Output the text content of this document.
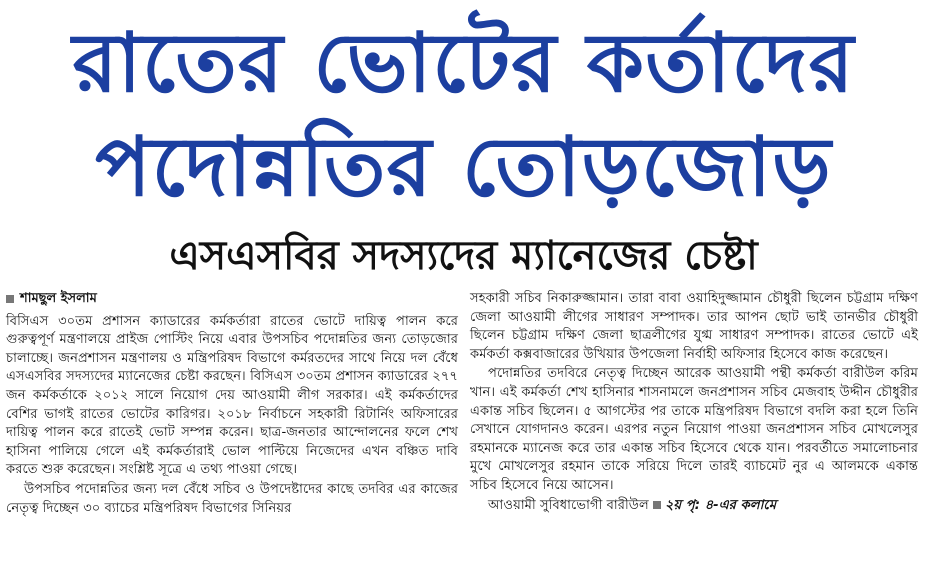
রাতের ভোটের কর্তাদের
পদোন্নতির তোড়জোড়
এসএসবির সদস্যদের ম্যানেজের চেষ্টা
শামছুল ইসলাম

বিসিএস ৩০তম প্রশাসন ক্যাডারের কর্মকর্তারা রাতের ভোটে দায়িত্ব পালন করে গুরুত্বপূর্ণ মন্ত্রণালয়ে প্রাইজ পোস্টিং নিয়ে এবার উপসচিব পদোন্নতির জন্য তোড়জোর চালাচ্ছে। জনপ্রশাসন মন্ত্রণালয় ও মন্ত্রিপরিষদ বিভাগে কর্মরতদের সাথে নিয়ে দল বেঁধে এসএসবির সদস্যদের ম্যানেজের চেষ্টা করছেন। বিসিএস ৩০তম প্রশাসন ক্যাডারের ২৭৭ জন কর্মকর্তাকে ২০১২ সালে নিয়োগ দেয় আওয়ামী লীগ সরকার। এই কর্মকর্তাদের বেশির ভাগই রাতের ভোটের কারিগর। ২০১৮ নির্বাচনে সহকারী রিটার্নিং অফিসারের দায়িত্ব পালন করে রাতেই ভোট সম্পন্ন করেন। ছাত্র-জনতার আন্দোলনের ফলে শেখ হাসিনা পালিয়ে গেলে এই কর্মকর্তারাই ভোল পাল্টিয়ে নিজেদের এখন বঞ্চিত দাবি করতে শুরু করেছেন। সংশ্লিষ্ট সূত্রে এ তথ্য পাওয়া গেছে।

উপসচিব পদোন্নতির জন্য দল বেঁধে সচিব ও উপদেষ্টাদের কাছে তদবির এর কাজের নেতৃত্ব দিচ্ছেন ৩০ ব্যাচের মন্ত্রিপরিষদ বিভাগের সিনিয়র

সহকারী সচিব নিকারুজ্জামান। তারা বাবা ওয়াহিদুজ্জামান চৌধুরী ছিলেন চট্টগ্রাম দক্ষিণ জেলা আওয়ামী লীগের সাধারণ সম্পাদক। তার আপন ছোট ভাই তানভীর চৌধুরী ছিলেন চট্টগ্রাম দক্ষিণ জেলা ছাত্রলীগের যুগ্ম সাধারণ সম্পাদক। রাতের ভোটে এই কর্মকর্তা কক্সবাজারের উখিয়ার উপজেলা নির্বাহী অফিসার হিসেবে কাজ করেছেন।

পদোন্নতির তদবিরে নেতৃত্ব দিচ্ছেন আরেক আওয়ামী পন্থী কর্মকর্তা বারীউল করিম খান। এই কর্মকর্তা শেখ হাসিনার শাসনামলে জনপ্রশাসন সচিব মেজবাহ উদ্দীন চৌধুরীর একান্ত সচিব ছিলেন। ৫ আগস্টের পর তাকে মন্ত্রিপরিষদ বিভাগে বদলি করা হলে তিনি সেখানে যোগদানও করেন। এরপর নতুন নিয়োগ পাওয়া জনপ্রশাসন সচিব মোখলেসুর রহমানকে ম্যানেজ করে তার একান্ত সচিব হিসেবে থেকে যান। পরবর্তীতে সমালোচনার মুখে মোখলেসুর রহমান তাকে সরিয়ে দিলে তারই ব্যাচমেট নুর এ আলমকে একান্ত সচিব হিসেবে নিয়ে আসেন।

আওয়ামী সুবিধাভোগী বারীউল ২য় পৃ: ৪-এর কলামে
